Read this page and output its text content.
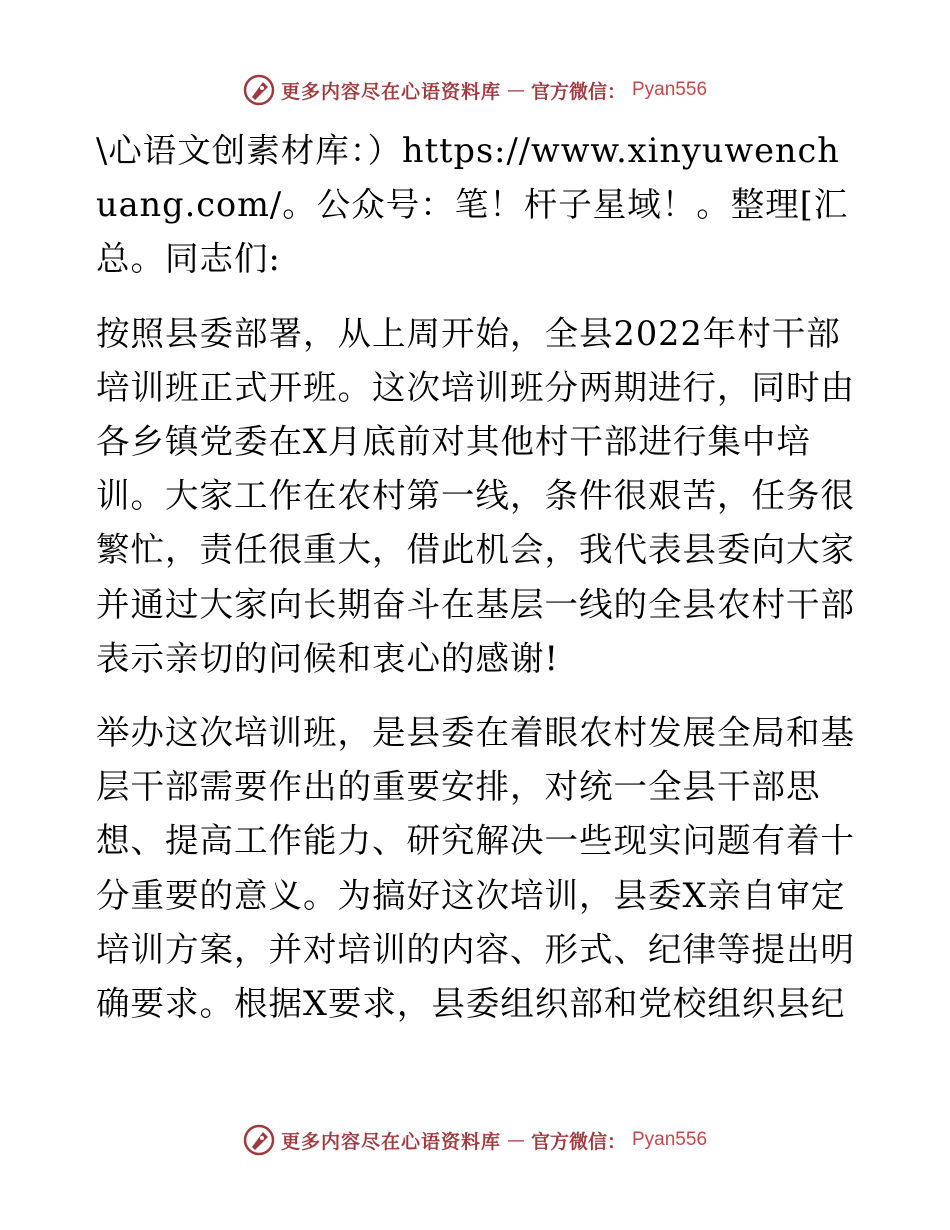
更多内容尽在心语资料库 — 官方微信： Pyan556

\心语文创素材库：）https://www.xinyuwenchuang.com/。公众号：笔！杆子星域！。整理[汇总。同志们:

按照县委部署，从上周开始，全县2022年村干部培训班正式开班。这次培训班分两期进行，同时由各乡镇党委在X月底前对其他村干部进行集中培训。大家工作在农村第一线，条件很艰苦，任务很繁忙，责任很重大，借此机会，我代表县委向大家并通过大家向长期奋斗在基层一线的全县农村干部表示亲切的问候和衷心的感谢!

举办这次培训班，是县委在着眼农村发展全局和基层干部需要作出的重要安排，对统一全县干部思想、提高工作能力、研究解决一些现实问题有着十分重要的意义。为搞好这次培训，县委X亲自审定培训方案，并对培训的内容、形式、纪律等提出明确要求。根据X要求，县委组织部和党校组织县纪

更多内容尽在心语资料库 — 官方微信： Pyan556
